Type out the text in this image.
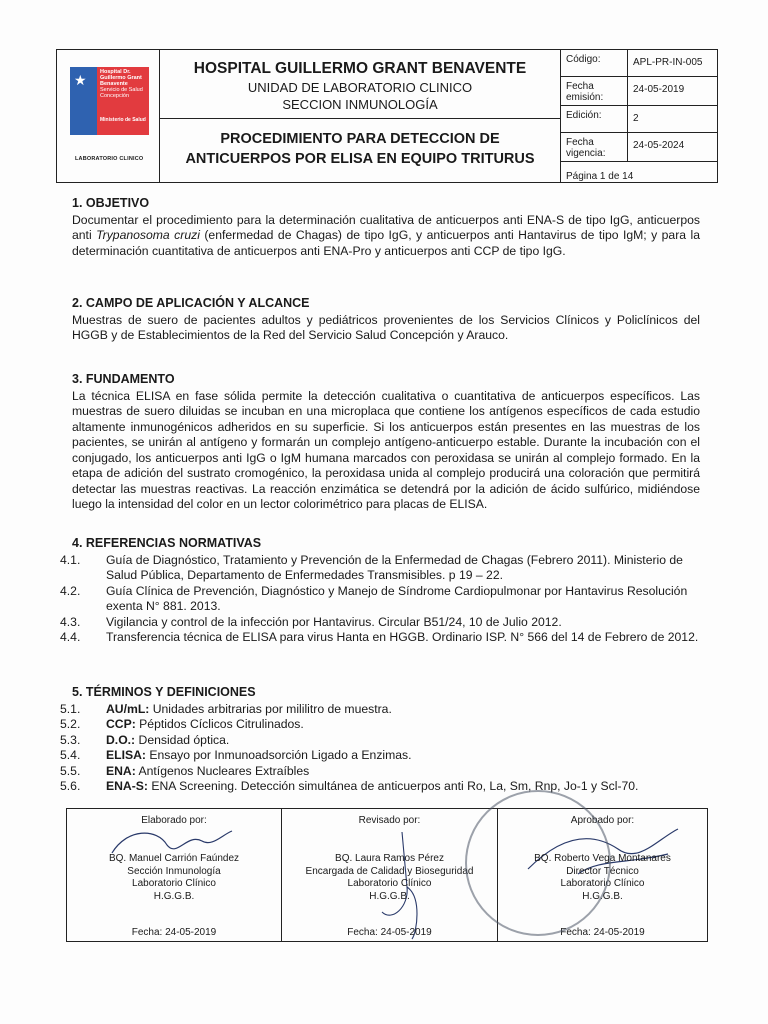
★	Hospital Dr. Guillermo Grant Benavente
Servicio de Salud Concepción
Ministerio de Salud
LABORATORIO CLINICO
HOSPITAL GUILLERMO GRANT BENAVENTE
UNIDAD DE LABORATORIO CLINICO
SECCION INMUNOLOGÍA
PROCEDIMIENTO PARA DETECCION DE
ANTICUERPOS POR ELISA EN EQUIPO TRITURUS
Código:	APL-PR-IN-005
Fecha emisión:
24-05-2019
Edición:	2
Fecha vigencia:
24-05-2024
Página 1 de 14
1. OBJETIVO

Documentar el procedimiento para la determinación cualitativa de anticuerpos anti ENA-S de tipo IgG, anticuerpos anti Trypanosoma cruzi (enfermedad de Chagas) de tipo IgG, y anticuerpos anti Hantavirus de tipo IgM; y para la determinación cuantitativa de anticuerpos anti ENA-Pro y anticuerpos anti CCP de tipo IgG.

2. CAMPO DE APLICACIÓN Y ALCANCE

Muestras de suero de pacientes adultos y pediátricos provenientes de los Servicios Clínicos y Policlínicos del HGGB y de Establecimientos de la Red del Servicio Salud Concepción y Arauco.

3. FUNDAMENTO

La técnica ELISA en fase sólida permite la detección cualitativa o cuantitativa de anticuerpos específicos. Las muestras de suero diluidas se incuban en una microplaca que contiene los antígenos específicos de cada estudio altamente inmunogénicos adheridos en su superficie. Si los anticuerpos están presentes en las muestras de los pacientes, se unirán al antígeno y formarán un complejo antígeno-anticuerpo estable. Durante la incubación con el conjugado, los anticuerpos anti IgG o IgM humana marcados con peroxidasa se unirán al complejo formado. En la etapa de adición del sustrato cromogénico, la peroxidasa unida al complejo producirá una coloración que permitirá detectar las muestras reactivas. La reacción enzimática se detendrá por la adición de ácido sulfúrico, midiéndose luego la intensidad del color en un lector colorimétrico para placas de ELISA.

4. REFERENCIAS NORMATIVAS
4.1. Guía de Diagnóstico, Tratamiento y Prevención de la Enfermedad de Chagas (Febrero 2011). Ministerio de Salud Pública, Departamento de Enfermedades Transmisibles. p 19 – 22.
4.2. Guía Clínica de Prevención, Diagnóstico y Manejo de Síndrome Cardiopulmonar por Hantavirus Resolución exenta N° 881. 2013.
4.3. Vigilancia y control de la infección por Hantavirus. Circular B51/24, 10 de Julio 2012.
4.4. Transferencia técnica de ELISA para virus Hanta en HGGB. Ordinario ISP. N° 566 del 14 de Febrero de 2012.
5. TÉRMINOS Y DEFINICIONES
5.1. AU/mL: Unidades arbitrarias por mililitro de muestra.
5.2. CCP: Péptidos Cíclicos Citrulinados.
5.3. D.O.: Densidad óptica.
5.4. ELISA: Ensayo por Inmunoadsorción Ligado a Enzimas.
5.5. ENA: Antígenos Nucleares Extraíbles
5.6. ENA-S: ENA Screening. Detección simultánea de anticuerpos anti Ro, La, Sm, Rnp, Jo-1 y Scl-70.
Elaborado por:
BQ. Manuel Carrión Faúndez
Sección Inmunología
Laboratorio Clínico
H.G.G.B.
Fecha: 24-05-2019
Revisado por:
BQ. Laura Ramos Pérez
Encargada de Calidad y Bioseguridad
Laboratorio Clínico
H.G.G.B.
Fecha: 24-05-2019
Aprobado por:
BQ. Roberto Vega Montanares
Director Técnico
Laboratorio Clínico
H.G.G.B.
Fecha: 24-05-2019
